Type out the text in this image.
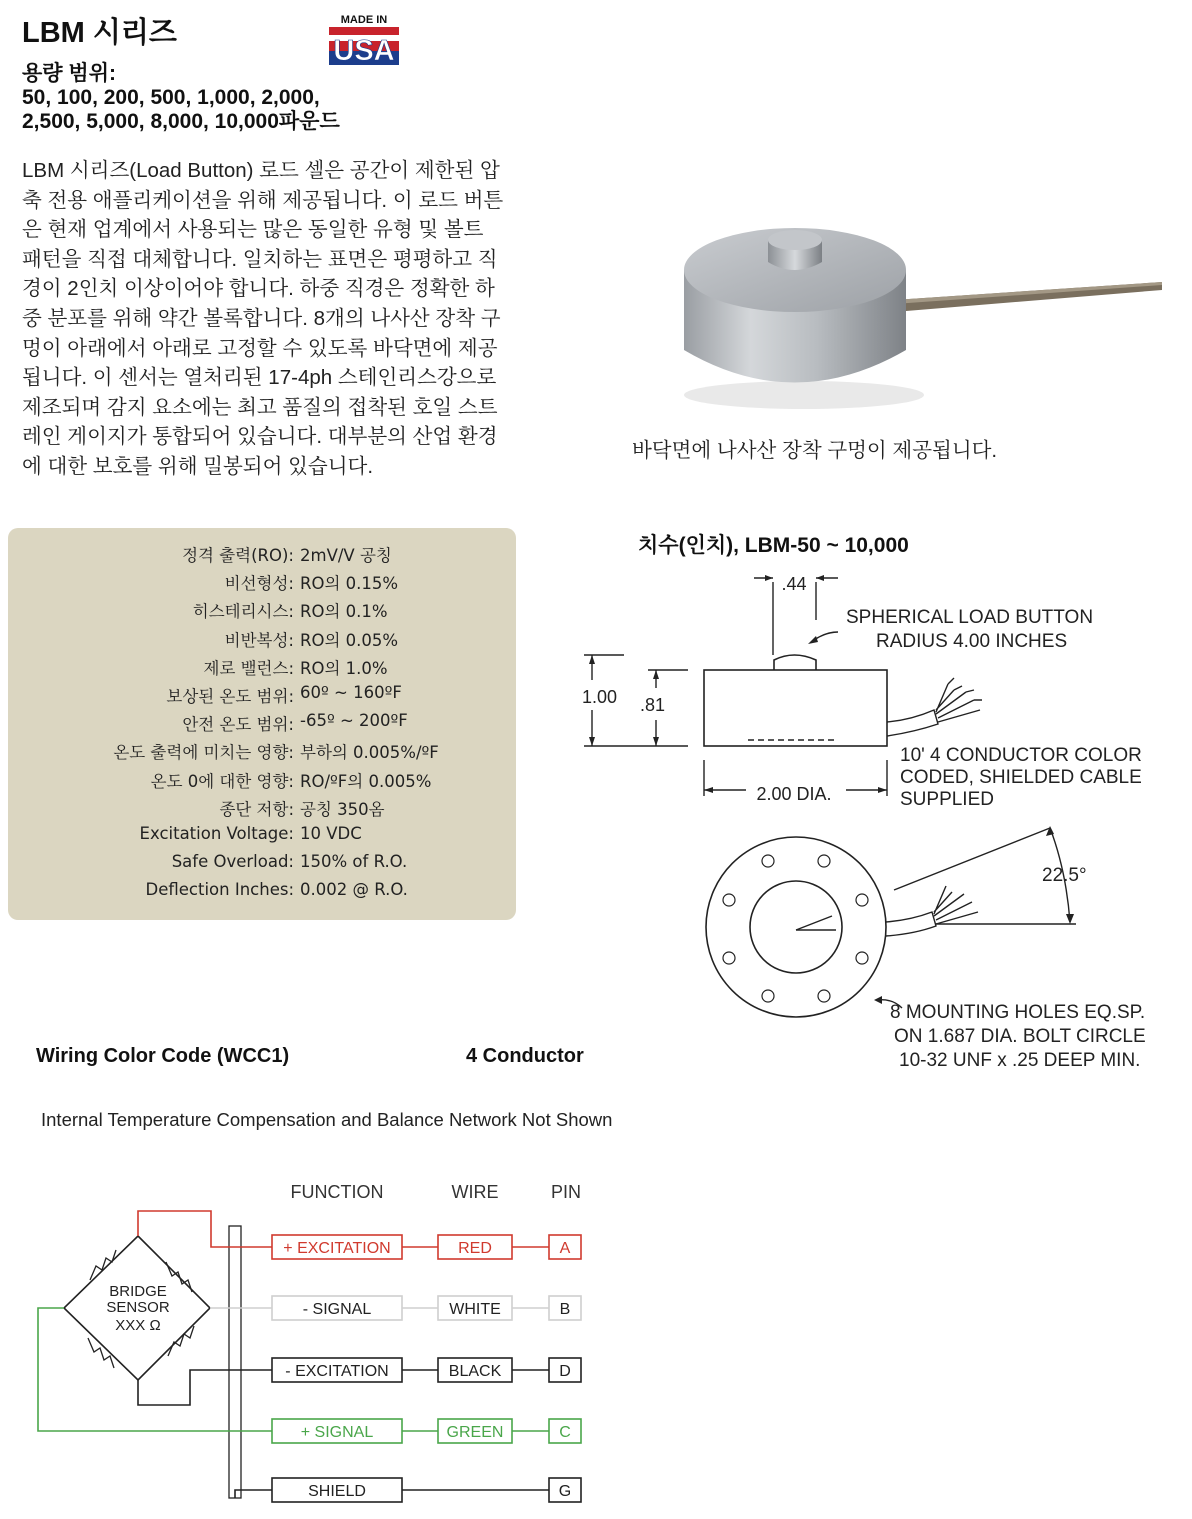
LBM 시리즈	MADE IN
USA
용량 범위:
50, 100, 200, 500, 1,000, 2,000,
2,500, 5,000, 8,000, 10,000파운드
LBM 시리즈(Load Button) 로드 셀은 공간이 제한된 압
축 전용 애플리케이션을 위해 제공됩니다. 이 로드 버튼
은 현재 업계에서 사용되는 많은 동일한 유형 및 볼트
패턴을 직접 대체합니다. 일치하는 표면은 평평하고 직
경이 2인치 이상이어야 합니다. 하중 직경은 정확한 하
중 분포를 위해 약간 볼록합니다. 8개의 나사산 장착 구
멍이 아래에서 아래로 고정할 수 있도록 바닥면에 제공
됩니다. 이 센서는 열처리된 17-4ph 스테인리스강으로
제조되며 감지 요소에는 최고 품질의 접착된 호일 스트
레인 게이지가 통합되어 있습니다. 대부분의 산업 환경
에 대한 보호를 위해 밀봉되어 있습니다.
바닥면에 나사산 장착 구멍이 제공됩니다.
정격 출력(RO): 2mV/V 공칭
비선형성: RO의 0.15%
히스테리시스: RO의 0.1%
비반복성: RO의 0.05%
제로 밸런스: RO의 1.0%
보상된 온도 범위: 60º ~ 160ºF
안전 온도 범위: -65º ~ 200ºF
온도 출력에 미치는 영향: 부하의 0.005%/ºF
온도 0에 대한 영향: RO/ºF의 0.005%
종단 저항: 공칭 350옴
Excitation Voltage: 10 VDC
Safe Overload: 150% of R.O.
Deflection Inches: 0.002 @ R.O.
치수(인치), LBM-50 ~ 10,000
.44
SPHERICAL LOAD BUTTON
RADIUS 4.00 INCHES
1.00 .81
2.00 DIA.
10' 4 CONDUCTOR COLOR
CODED, SHIELDED CABLE
SUPPLIED
22.5°
8 MOUNTING HOLES EQ.SP.
ON 1.687 DIA. BOLT CIRCLE
10-32 UNF x .25 DEEP MIN.
Wiring Color Code (WCC1)	4 Conductor
Internal Temperature Compensation and Balance Network Not Shown
FUNCTION	WIRE	PIN
BRIDGE
SENSOR
XXX Ω
+ EXCITATION	RED	A
- SIGNAL	WHITE	B
- EXCITATION	BLACK	D
+ SIGNAL	GREEN	C
SHIELD	G
